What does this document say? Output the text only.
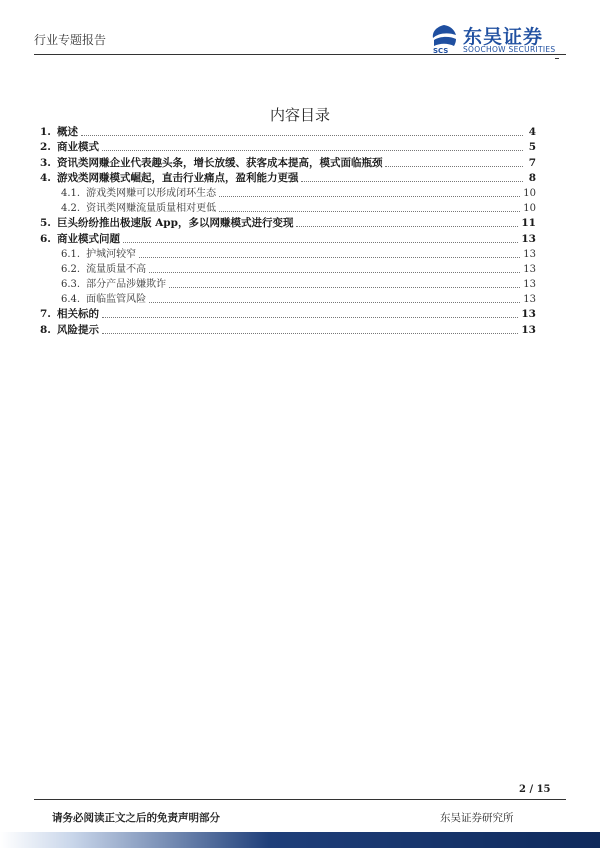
行业专题报告
SCS
东吴证券
SOOCHOW SECURITIES
内容目录
1. 概述	4
2. 商业模式	5
3. 资讯类网赚企业代表趣头条，增长放缓、获客成本提高，模式面临瓶颈	7
4. 游戏类网赚模式崛起，直击行业痛点，盈利能力更强	8
4.1. 游戏类网赚可以形成闭环生态	10
4.2. 资讯类网赚流量质量相对更低	10
5. 巨头纷纷推出极速版 App，多以网赚模式进行变现	11
6. 商业模式问题	13
6.1. 护城河较窄	13
6.2. 流量质量不高	13
6.3. 部分产品涉嫌欺诈	13
6.4. 面临监管风险	13
7. 相关标的	13
8. 风险提示	13
2 / 15
请务必阅读正文之后的免责声明部分	东吴证券研究所
